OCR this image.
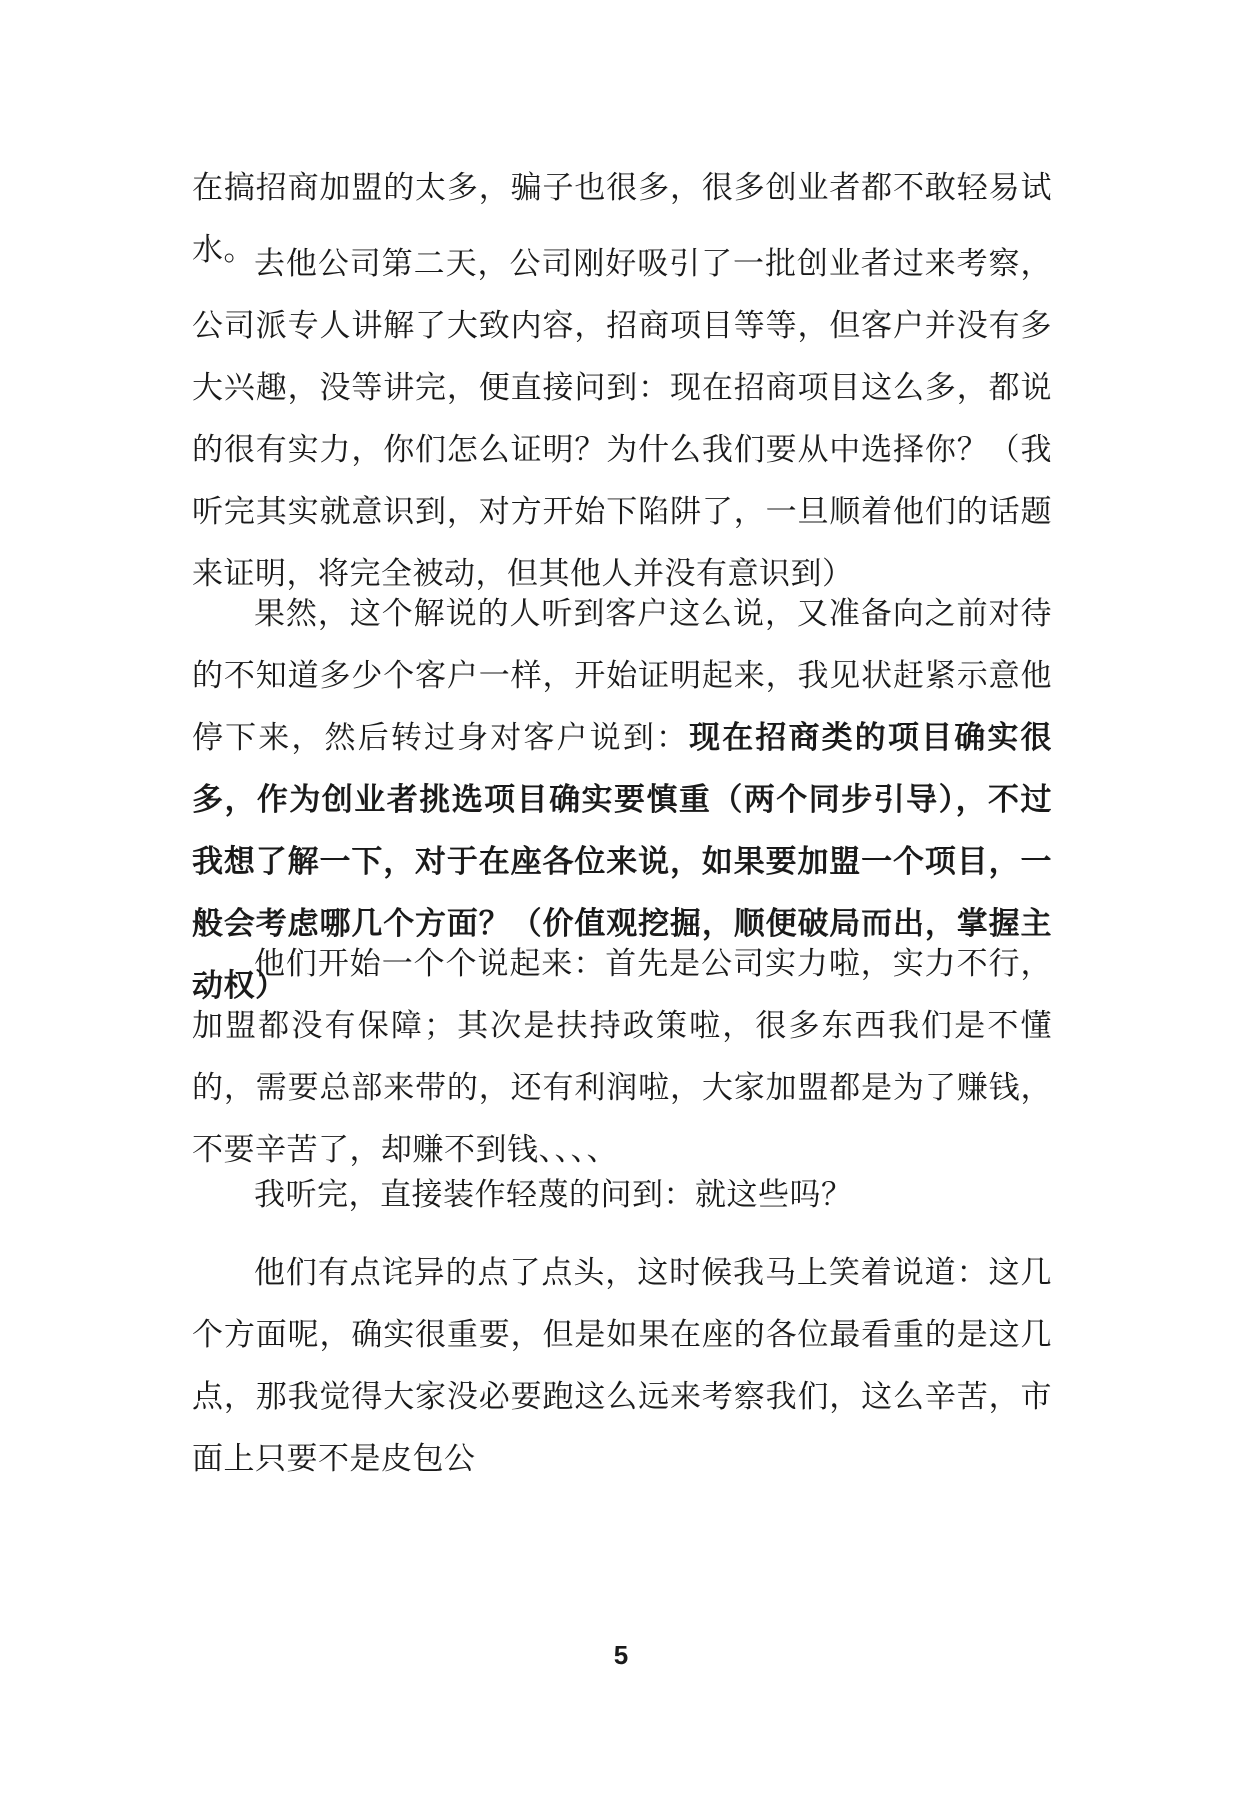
在搞招商加盟的太多，骗子也很多，很多创业者都不敢轻易试水。 去他公司第二天，公司刚好吸引了一批创业者过来考察，公司派专人讲解了大致内容，招商项目等等，但客户并没有多大兴趣，没等讲完，便直接问到：现在招商项目这么多，都说的很有实力，你们怎么证明？为什么我们要从中选择你？（我听完其实就意识到，对方开始下陷阱了，一旦顺着他们的话题来证明，将完全被动，但其他人并没有意识到）

果然，这个解说的人听到客户这么说，又准备向之前对待的不知道多少个客户一样，开始证明起来，我见状赶紧示意他停下来，然后转过身对客户说到：现在招商类的项目确实很多，作为创业者挑选项目确实要慎重（两个同步引导），不过我想了解一下，对于在座各位来说，如果要加盟一个项目，一般会考虑哪几个方面？（价值观挖掘，顺便破局而出，掌握主动权）

他们开始一个个说起来：首先是公司实力啦，实力不行，加盟都没有保障；其次是扶持政策啦，很多东西我们是不懂的，需要总部来带的，还有利润啦，大家加盟都是为了赚钱，不要辛苦了，却赚不到钱、、、、

我听完，直接装作轻蔑的问到：就这些吗？

他们有点诧异的点了点头，这时候我马上笑着说道：这几个方面呢，确实很重要，但是如果在座的各位最看重的是这几点，那我觉得大家没必要跑这么远来考察我们，这么辛苦，市面上只要不是皮包公

5
